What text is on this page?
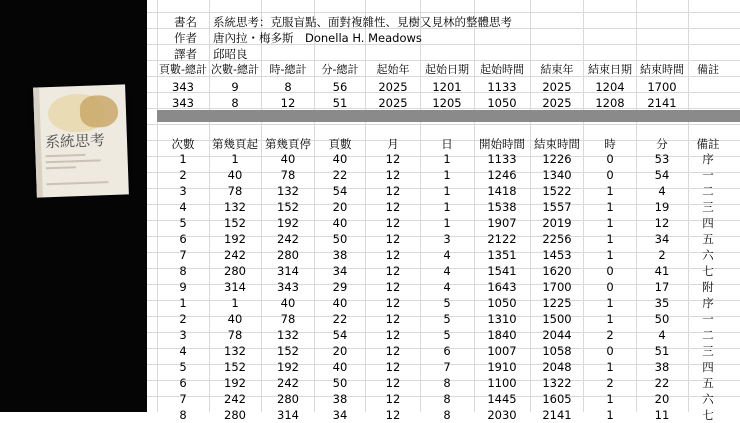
系統思考
書名 系統思考：克服盲點、面對複雜性、見樹又見林的整體思考
作者 唐內拉・梅多斯　Donella H. Meadows
譯者 邱昭良
頁數-總計 次數-總計 時-總計	分-總計	起始年	起始日期	起始時間	結束年	結束日期 結束時間	備註
343	9	8	56	2025	1201	1133	2025	1204	1700
343	8	12	51	2025	1205	1050	2025	1208	2141
次數	第幾頁起 第幾頁停	頁數	月	日	開始時間 結束時間	時	分	備註
1	1	40	40	12	1	1133	1226	0	53	序
2	40	78	22	12	1	1246	1340	0	54	一
3	78	132	54	12	1	1418	1522	1	4	二
4	132	152	20	12	1	1538	1557	1	19	三
5	152	192	40	12	1	1907	2019	1	12	四
6	192	242	50	12	3	2122	2256	1	34	五
7	242	280	38	12	4	1351	1453	1	2	六
8	280	314	34	12	4	1541	1620	0	41	七
9	314	343	29	12	4	1643	1700	0	17	附
1	1	40	40	12	5	1050	1225	1	35	序
2	40	78	22	12	5	1310	1500	1	50	一
3	78	132	54	12	5	1840	2044	2	4	二
4	132	152	20	12	6	1007	1058	0	51	三
5	152	192	40	12	7	1910	2048	1	38	四
6	192	242	50	12	8	1100	1322	2	22	五
7	242	280	38	12	8	1445	1605	1	20	六
8	280	314	34	12	8	2030	2141	1	11	七
